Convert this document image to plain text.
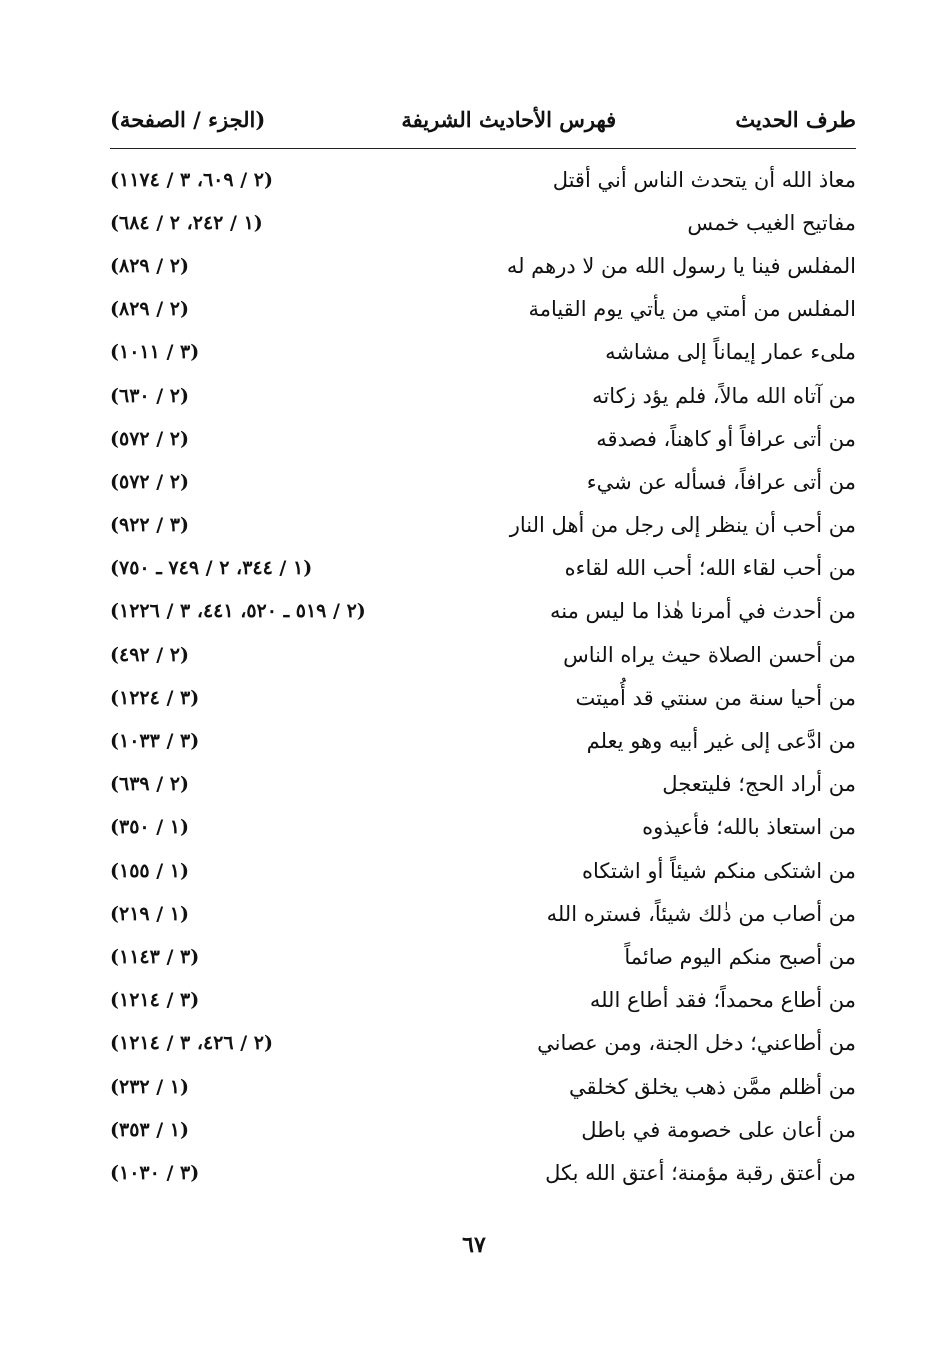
طرف الحديث
فهرس الأحاديث الشريفة
(الجزء / الصفحة)
معاذ الله أن يتحدث الناس أني أقتل
(٢ / ٦٠٩، ٣ / ١١٧٤)
مفاتيح الغيب خمس
(١ / ٢٤٢، ٢ / ٦٨٤)
المفلس فينا يا رسول الله من لا درهم له
(٢ / ٨٢٩)
المفلس من أمتي من يأتي يوم القيامة
(٢ / ٨٢٩)
ملىء عمار إيماناً إلى مشاشه
(٣ / ١٠١١)
من آتاه الله مالاً، فلم يؤد زكاته
(٢ / ٦٣٠)
من أتى عرافاً أو كاهناً، فصدقه
(٢ / ٥٧٢)
من أتى عرافاً، فسأله عن شيء
(٢ / ٥٧٢)
من أحب أن ينظر إلى رجل من أهل النار
(٣ / ٩٢٢)
من أحب لقاء الله؛ أحب الله لقاءه
(١ / ٣٤٤، ٢ / ٧٤٩ ـ ٧٥٠)
من أحدث في أمرنا هٰذا ما ليس منه
(٢ / ٥١٩ ـ ٥٢٠، ٤٤١، ٣ / ١٢٢٦)
من أحسن الصلاة حيث يراه الناس
(٢ / ٤٩٢)
من أحيا سنة من سنتي قد أُميتت
(٣ / ١٢٢٤)
من ادَّعى إلى غير أبيه وهو يعلم
(٣ / ١٠٣٣)
من أراد الحج؛ فليتعجل
(٢ / ٦٣٩)
من استعاذ بالله؛ فأعيذوه
(١ / ٣٥٠)
من اشتكى منكم شيئاً أو اشتكاه
(١ / ١٥٥)
من أصاب من ذٰلك شيئاً، فستره الله
(١ / ٢١٩)
من أصبح منكم اليوم صائماً
(٣ / ١١٤٣)
من أطاع محمداً؛ فقد أطاع الله
(٣ / ١٢١٤)
من أطاعني؛ دخل الجنة، ومن عصاني
(٢ / ٤٢٦، ٣ / ١٢١٤)
من أظلم ممَّن ذهب يخلق كخلقي
(١ / ٢٣٢)
من أعان على خصومة في باطل
(١ / ٣٥٣)
من أعتق رقبة مؤمنة؛ أعتق الله بكل
(٣ / ١٠٣٠)
٦٧
